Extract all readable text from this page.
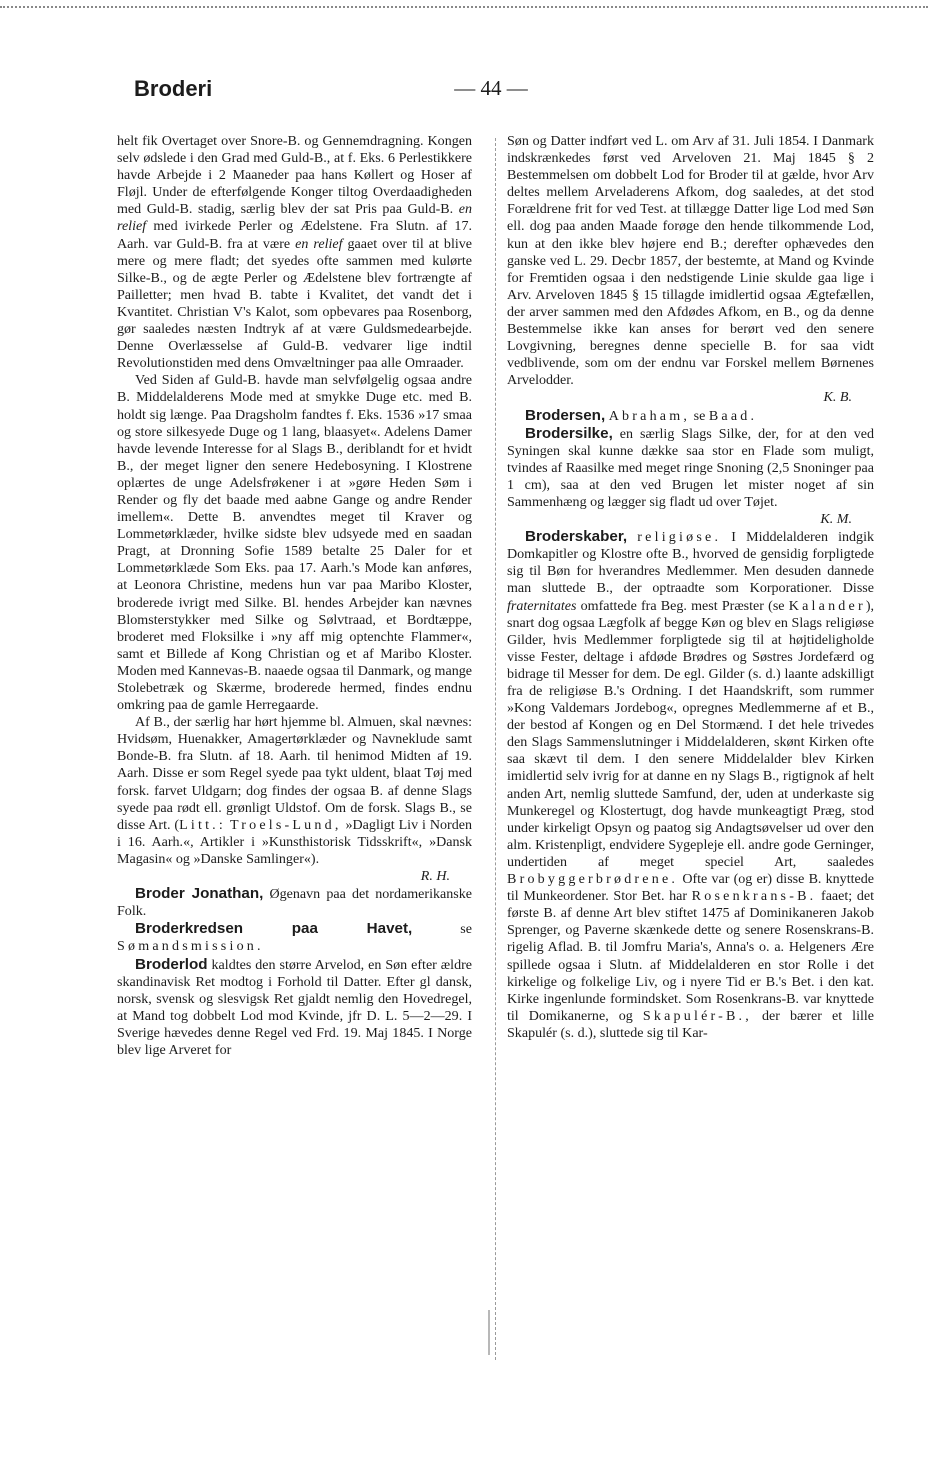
Broderi	— 44 —

helt fik Overtaget over Snore-B. og Gennemdragning. Kongen selv ødslede i den Grad med Guld-B., at f. Eks. 6 Perlestikkere havde Arbejde i 2 Maaneder paa hans Køllert og Hoser af Fløjl. Under de efterfølgende Konger tiltog Overdaadigheden med Guld-B. stadig, særlig blev der sat Pris paa Guld-B. en relief med ivirkede Perler og Ædelstene. Fra Slutn. af 17. Aarh. var Guld-B. fra at være en relief gaaet over til at blive mere og mere fladt; det syedes ofte sammen med kulørte Silke-B., og de ægte Perler og Ædelstene blev fortrængte af Pailletter; men hvad B. tabte i Kvalitet, det vandt det i Kvantitet. Christian V's Kalot, som opbevares paa Rosenborg, gør saaledes næsten Indtryk af at være Guldsmedearbejde. Denne Overlæsselse af Guld-B. vedvarer lige indtil Revolutionstiden med dens Omvæltninger paa alle Omraader.

Ved Siden af Guld-B. havde man selvfølgelig ogsaa andre B. Middelalderens Mode med at smykke Duge etc. med B. holdt sig længe. Paa Dragsholm fandtes f. Eks. 1536 »17 smaa og store silkesyede Duge og 1 lang, blaasyet«. Adelens Damer havde levende Interesse for al Slags B., deriblandt for et hvidt B., der meget ligner den senere Hedebosyning. I Klostrene oplærtes de unge Adelsfrøkener i at »gøre Heden Søm i Render og fly det baade med aabne Gange og andre Render imellem«. Dette B. anvendtes meget til Kraver og Lommetørklæder, hvilke sidste blev udsyede med en saadan Pragt, at Dronning Sofie 1589 betalte 25 Daler for et Lommetørklæde Som Eks. paa 17. Aarh.'s Mode kan anføres, at Leonora Christine, medens hun var paa Maribo Kloster, broderede ivrigt med Silke. Bl. hendes Arbejder kan nævnes Blomsterstykker med Silke og Sølvtraad, et Bordtæppe, broderet med Floksilke i »ny aff mig optenchte Flammer«, samt et Billede af Kong Christian og et af Maribo Kloster. Moden med Kannevas-B. naaede ogsaa til Danmark, og mange Stolebetræk og Skærme, broderede hermed, findes endnu omkring paa de gamle Herregaarde.

Af B., der særlig har hørt hjemme bl. Almuen, skal nævnes: Hvidsøm, Huenakker, Amagertørklæder og Navneklude samt Bonde-B. fra Slutn. af 18. Aarh. til henimod Midten af 19. Aarh. Disse er som Regel syede paa tykt uldent, blaat Tøj med forsk. farvet Uldgarn; dog findes der ogsaa B. af denne Slags syede paa rødt ell. grønligt Uldstof. Om de forsk. Slags B., se disse Art. (Litt.: Troels-Lund, »Dagligt Liv i Norden i 16. Aarh.«, Artikler i »Kunsthistorisk Tidsskrift«, »Dansk Magasin« og »Danske Samlinger«).
R. H.

Broder Jonathan, Øgenavn paa det nordamerikanske Folk.

Broderkredsen paa Havet,	se Sømandsmission.

Broderlod kaldtes den større Arvelod, en Søn efter ældre skandinavisk Ret modtog i Forhold til Datter. Efter gl dansk, norsk, svensk og slesvigsk Ret gjaldt nemlig den Hovedregel, at Mand tog dobbelt Lod mod Kvinde, jfr D. L. 5—2—29. I Sverige hævedes denne Regel ved Frd. 19. Maj 1845. I Norge blev lige Arveret for

Søn og Datter indført ved L. om Arv af 31. Juli 1854. I Danmark indskrænkedes først ved Arveloven 21. Maj 1845 § 2 Bestemmelsen om dobbelt Lod for Broder til at gælde, hvor Arv deltes mellem Arveladerens Afkom, dog saaledes, at det stod Forældrene frit for ved Test. at tillægge Datter lige Lod med Søn ell. dog paa anden Maade forøge den hende tilkommende Lod, kun at den ikke blev højere end B.; derefter ophævedes den ganske ved L. 29. Decbr 1857, der bestemte, at Mand og Kvinde for Fremtiden ogsaa i den nedstigende Linie skulde gaa lige i Arv. Arveloven 1845 § 15 tillagde imidlertid ogsaa Ægtefællen, der arver sammen med den Afdødes Afkom, en B., og da denne Bestemmelse ikke kan anses for berørt ved den senere Lovgivning, beregnes denne specielle B. for saa vidt vedblivende, som om der endnu var Forskel mellem Børnenes Arvelodder.
K. B.

Brodersen, Abraham, se Baad.

Brodersilke, en særlig Slags Silke, der, for at den ved Syningen skal kunne dække saa stor en Flade som muligt, tvindes af Raasilke med meget ringe Snoning (2,5 Snoninger paa 1 cm), saa at den ved Brugen let mister noget af sin Sammenhæng og lægger sig fladt ud over Tøjet.
K. M.

Broderskaber, religiøse. I Middelalderen indgik Domkapitler og Klostre ofte B., hvorved de gensidig forpligtede sig til Bøn for hverandres Medlemmer. Men desuden dannede man sluttede B., der optraadte som Korporationer. Disse fraternitates omfattede fra Beg. mest Præster (se Kalander), snart dog ogsaa Lægfolk af begge Køn og blev en Slags religiøse Gilder, hvis Medlemmer forpligtede sig til at højtideligholde visse Fester, deltage i afdøde Brødres og Søstres Jordefærd og bidrage til Messer for dem. De egl. Gilder (s. d.) laante adskilligt fra de religiøse B.'s Ordning. I det Haandskrift, som rummer »Kong Valdemars Jordebog«, opregnes Medlemmerne af et B., der bestod af Kongen og en Del Stormænd. I det hele trivedes den Slags Sammenslutninger i Middelalderen, skønt Kirken ofte saa skævt til dem. I den senere Middelalder blev Kirken imidlertid selv ivrig for at danne en ny Slags B., rigtignok af helt anden Art, nemlig sluttede Samfund, der, uden at underkaste sig Munkeregel og Klostertugt, dog havde munkeagtigt Præg, stod under kirkeligt Opsyn og paatog sig Andagtsøvelser ud over den alm. Kristenpligt, endvidere Sygepleje ell. andre gode Gerninger, undertiden af meget speciel Art, saaledes Brobyggerbrødrene. Ofte var (og er) disse B. knyttede til Munkeordener. Stor Bet. har Rosenkrans-B. faaet; det første B. af denne Art blev stiftet 1475 af Dominikaneren Jakob Sprenger, og Paverne skænkede dette og senere Rosenskrans-B. rigelig Aflad. B. til Jomfru Maria's, Anna's o. a. Helgeners Ære spillede ogsaa i Slutn. af Middelalderen en stor Rolle i det kirkelige og folkelige Liv, og i nyere Tid er B.'s Bet. i den kat. Kirke ingenlunde formindsket. Som Rosenkrans-B. var knyttede til Domikanerne, og Skapulér-B., der bærer et lille Skapulér (s. d.), sluttede sig til Kar-
